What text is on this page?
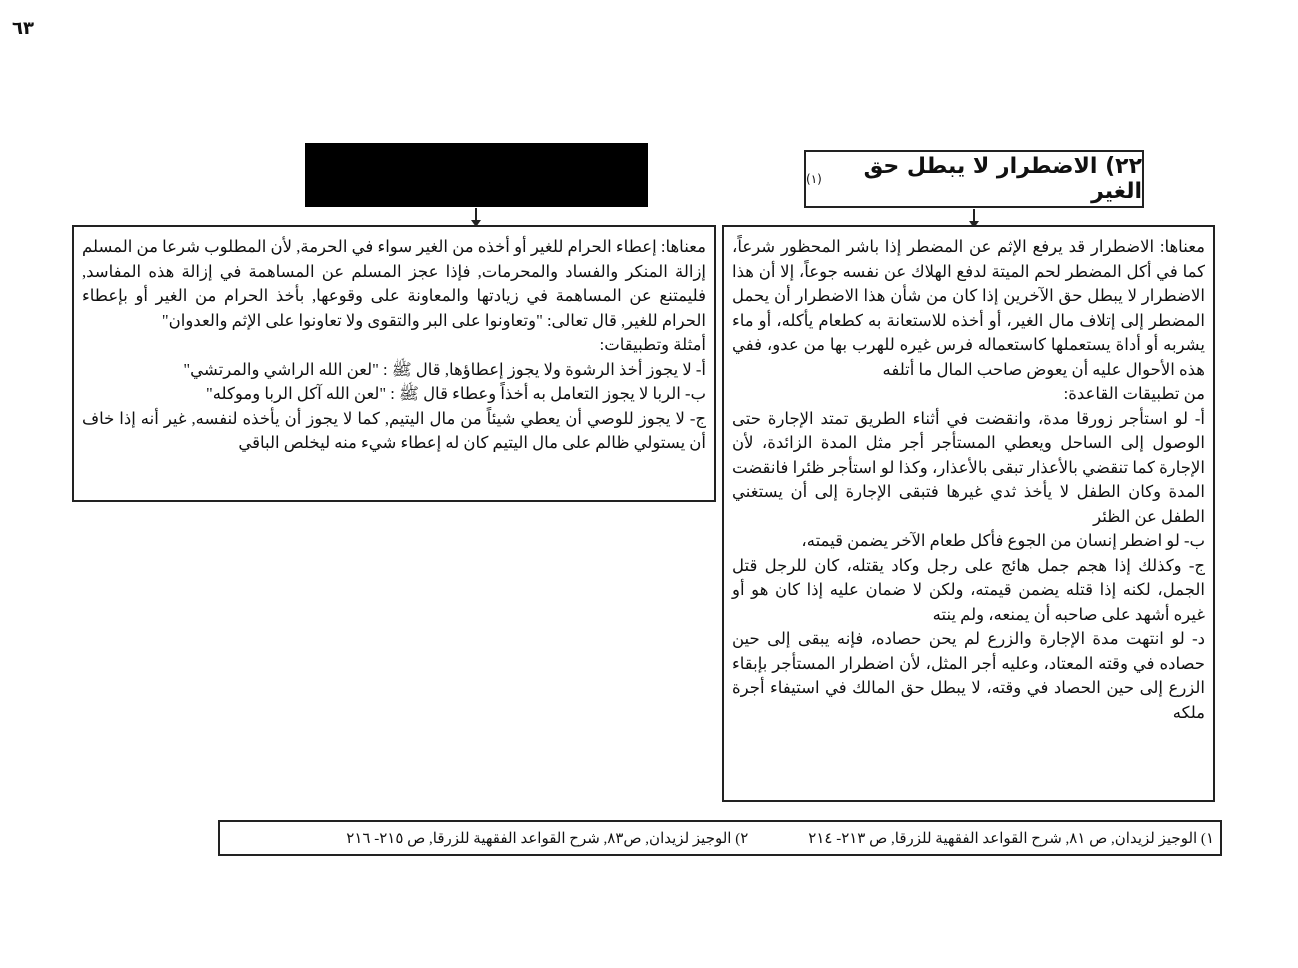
٦٣
٢٢) الاضطرار لا يبطل حق الغير
(١)

معناها: الاضطرار قد يرفع الإثم عن المضطر إذا باشر المحظور شرعاً، كما في أكل المضطر لحم الميتة لدفع الهلاك عن نفسه جوعاً، إلا أن هذا الاضطرار لا يبطل حق الآخرين إذا كان من شأن هذا الاضطرار أن يحمل المضطر إلى إتلاف مال الغير، أو أخذه للاستعانة به كطعام يأكله، أو ماء يشربه أو أداة يستعملها كاستعماله فرس غيره للهرب بها من عدو، ففي هذه الأحوال عليه أن يعوض صاحب المال ما أتلفه

من تطبيقات القاعدة:

أ- لو استأجر زورقا مدة، وانقضت في أثناء الطريق تمتد الإجارة حتى الوصول إلى الساحل ويعطي المستأجر أجر مثل المدة الزائدة، لأن الإجارة كما تنقضي بالأعذار تبقى بالأعذار، وكذا لو استأجر ظئرا فانقضت المدة وكان الطفل لا يأخذ ثدي غيرها فتبقى الإجارة إلى أن يستغني الطفل عن الظئر

ب- لو اضطر إنسان من الجوع فأكل طعام الآخر يضمن قيمته،

ج- وكذلك إذا هجم جمل هائج على رجل وكاد يقتله، كان للرجل قتل الجمل، لكنه إذا قتله يضمن قيمته، ولكن لا ضمان عليه إذا كان هو أو غيره أشهد على صاحبه أن يمنعه، ولم ينته

د- لو انتهت مدة الإجارة والزرع لم يحن حصاده، فإنه يبقى إلى حين حصاده في وقته المعتاد، وعليه أجر المثل، لأن اضطرار المستأجر بإبقاء الزرع إلى حين الحصاد في وقته، لا يبطل حق المالك في استيفاء أجرة ملكه

معناها: إعطاء الحرام للغير أو أخذه من الغير سواء في الحرمة, لأن المطلوب شرعا من المسلم إزالة المنكر والفساد والمحرمات, فإذا عجز المسلم عن المساهمة في إزالة هذه المفاسد, فليمتنع عن المساهمة في زيادتها والمعاونة على وقوعها, بأخذ الحرام من الغير أو بإعطاء الحرام للغير, قال تعالى: "وتعاونوا على البر والتقوى ولا تعاونوا على الإثم والعدوان"

أمثلة وتطبيقات:

أ- لا يجوز أخذ الرشوة ولا يجوز إعطاؤها, قال ﷺ : "لعن الله الراشي والمرتشي"

ب- الربا لا يجوز التعامل به أخذاً وعطاء قال ﷺ : "لعن الله آكل الربا وموكله"

ج- لا يجوز للوصي أن يعطي شيئاً من مال اليتيم, كما لا يجوز أن يأخذه لنفسه, غير أنه إذا خاف أن يستولي ظالم على مال اليتيم كان له إعطاء شيء منه ليخلص الباقي

١) الوجيز لزيدان, ص ٨١, شرح القواعد الفقهية للزرقا, ص ٢١٣- ٢١٤
٢) الوجيز لزيدان, ص٨٣, شرح القواعد الفقهية للزرقا, ص ٢١٥- ٢١٦
